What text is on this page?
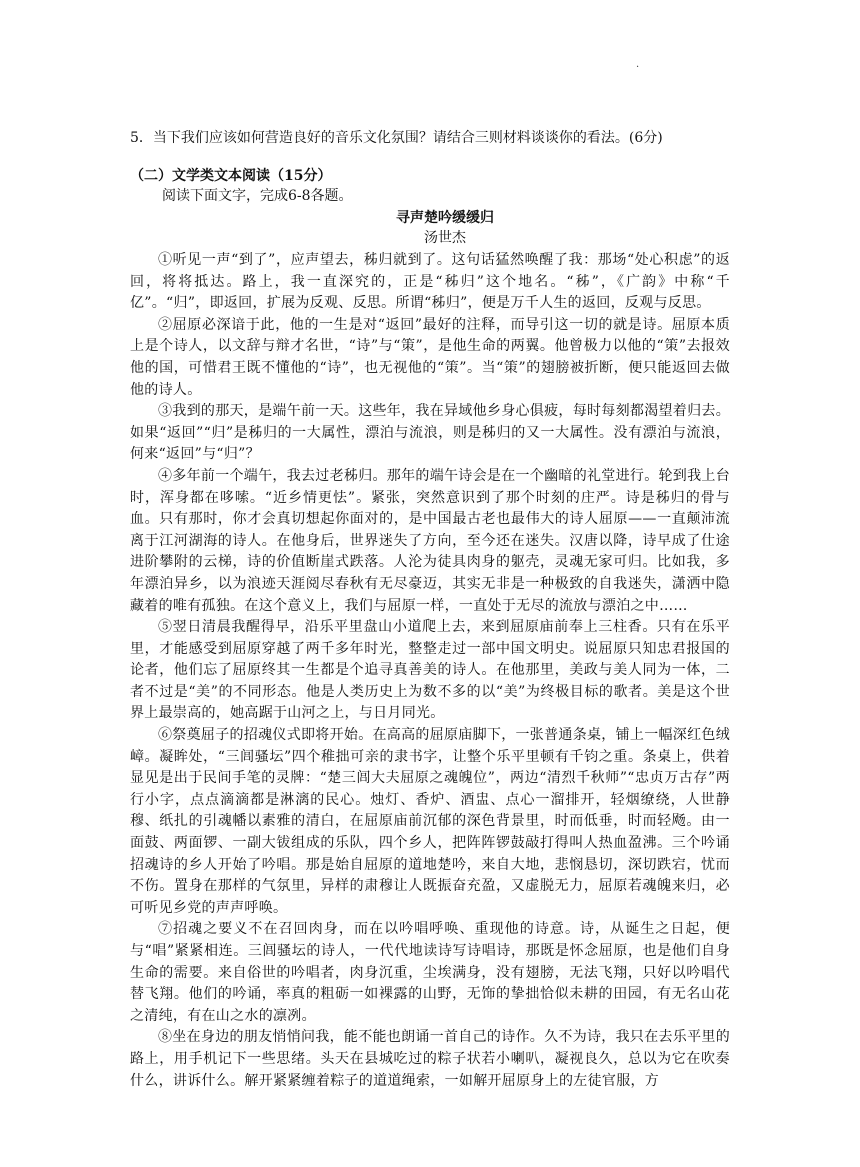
·

5．当下我们应该如何营造良好的音乐文化氛围？请结合三则材料谈谈你的看法。(6分)

（二）文学类文本阅读（15分）

阅读下面文字，完成6-8各题。

寻声楚吟缓缓归

汤世杰

①听见一声“到了”，应声望去，秭归就到了。这句话猛然唤醒了我：那场“处心积虑”的返回，将将抵达。路上，我一直深究的，正是“秭归”这个地名。“秭”，《广韵》中称“千亿”。“归”，即返回，扩展为反观、反思。所谓“秭归”，便是万千人生的返回，反观与反思。

②屈原必深谙于此，他的一生是对“返回”最好的注释，而导引这一切的就是诗。屈原本质上是个诗人，以文辞与辩才名世，“诗”与“策”，是他生命的两翼。他曾极力以他的“策”去报效他的国，可惜君王既不懂他的“诗”，也无视他的“策”。当“策”的翅膀被折断，便只能返回去做他的诗人。

③我到的那天，是端午前一天。这些年，我在异域他乡身心俱疲，每时每刻都渴望着归去。如果“返回”“归”是秭归的一大属性，漂泊与流浪，则是秭归的又一大属性。没有漂泊与流浪，何来“返回”与“归”？

④多年前一个端午，我去过老秭归。那年的端午诗会是在一个幽暗的礼堂进行。轮到我上台时，浑身都在哆嗦。“近乡情更怯”。紧张，突然意识到了那个时刻的庄严。诗是秭归的骨与血。只有那时，你才会真切想起你面对的，是中国最古老也最伟大的诗人屈原——一直颠沛流离于江河湖海的诗人。在他身后，世界迷失了方向，至今还在迷失。汉唐以降，诗早成了仕途进阶攀附的云梯，诗的价值断崖式跌落。人沦为徒具肉身的躯壳，灵魂无家可归。比如我，多年漂泊异乡，以为浪迹天涯阅尽春秋有无尽豪迈，其实无非是一种极致的自我迷失，潇洒中隐藏着的唯有孤独。在这个意义上，我们与屈原一样，一直处于无尽的流放与漂泊之中……

⑤翌日清晨我醒得早，沿乐平里盘山小道爬上去，来到屈原庙前奉上三柱香。只有在乐平里，才能感受到屈原穿越了两千多年时光，整整走过一部中国文明史。说屈原只知忠君报国的论者，他们忘了屈原终其一生都是个追寻真善美的诗人。在他那里，美政与美人同为一体，二者不过是“美”的不同形态。他是人类历史上为数不多的以“美”为终极目标的歌者。美是这个世界上最崇高的，她高踞于山河之上，与日月同光。

⑥祭奠屈子的招魂仪式即将开始。在高高的屈原庙脚下，一张普通条桌，铺上一幅深红色绒嶂。凝眸处，“三闾骚坛”四个稚拙可亲的隶书字，让整个乐平里顿有千钧之重。条桌上，供着显见是出于民间手笔的灵牌：“楚三闾大夫屈原之魂魄位”，两边“清烈千秋师”“忠贞万古存”两行小字，点点滴滴都是淋漓的民心。烛灯、香炉、酒盅、点心一溜排开，轻烟缭绕，人世静穆、纸扎的引魂幡以素雅的清白，在屈原庙前沉郁的深色背景里，时而低垂，时而轻飏。由一面鼓、两面锣、一副大钹组成的乐队，四个乡人，把阵阵锣鼓敲打得叫人热血盈沸。三个吟诵招魂诗的乡人开始了吟唱。那是始自屈原的道地楚吟，来自大地，悲悯恳切，深切跌宕，忧而不伤。置身在那样的气氛里，异样的肃穆让人既振奋充盈，又虚脱无力，屈原若魂魄来归，必可听见乡党的声声呼唤。

⑦招魂之要义不在召回肉身，而在以吟唱呼唤、重现他的诗意。诗，从诞生之日起，便与“唱”紧紧相连。三闾骚坛的诗人，一代代地读诗写诗唱诗，那既是怀念屈原，也是他们自身生命的需要。来自俗世的吟唱者，肉身沉重，尘埃满身，没有翅膀，无法飞翔，只好以吟唱代替飞翔。他们的吟诵，率真的粗砺一如裸露的山野，无饰的挚拙恰似未耕的田园，有无名山花之清纯，有在山之水的凛冽。

⑧坐在身边的朋友悄悄问我，能不能也朗诵一首自己的诗作。久不为诗，我只在去乐平里的路上，用手机记下一些思绪。头天在县城吃过的粽子状若小喇叭，凝视良久，总以为它在吹奏什么，讲诉什么。解开紧紧缠着粽子的道道绳索，一如解开屈原身上的左徒官服，方
